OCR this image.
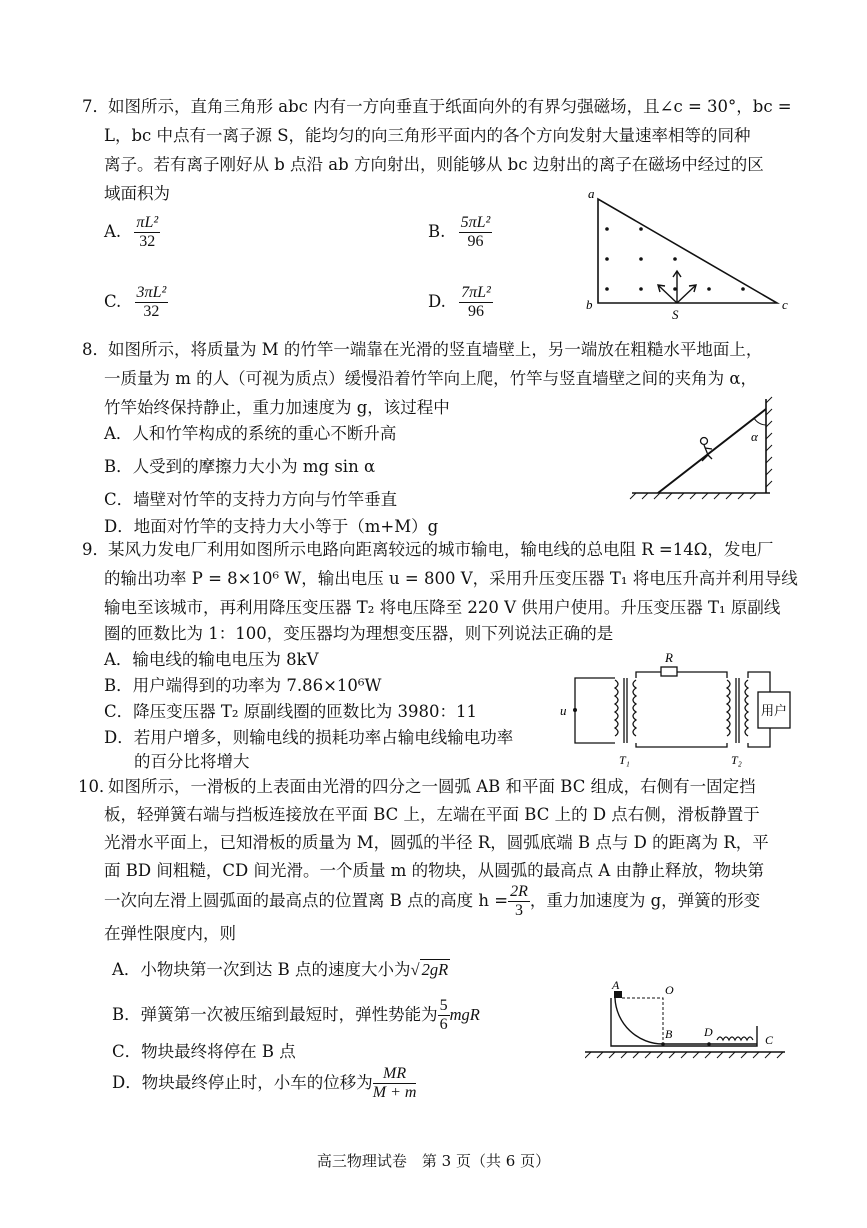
7． 如图所示，直角三角形 abc 内有一方向垂直于纸面向外的有界匀强磁场，且∠c = 30°，bc =
L，bc 中点有一离子源 S，能均匀的向三角形平面内的各个方向发射大量速率相等的同种
离子。若有离子刚好从 b 点沿 ab 方向射出，则能够从 bc 边射出的离子在磁场中经过的区
域面积为
A. $\frac{\text{πL²}}{32}$	B. $\frac{\text{5πL²}}{96}$
C. $\frac{\text{3πL²}}{32}$	D. $\frac{\text{7πL²}}{96}$
a
b	c
S
8． 如图所示，将质量为 M 的竹竿一端靠在光滑的竖直墙壁上，另一端放在粗糙水平地面上，
一质量为 m 的人（可视为质点）缓慢沿着竹竿向上爬，竹竿与竖直墙壁之间的夹角为 α，
竹竿始终保持静止，重力加速度为 g，该过程中
A．人和竹竿构成的系统的重心不断升高
B．人受到的摩擦力大小为 mg sin α
C．墙壁对竹竿的支持力方向与竹竿垂直
D．地面对竹竿的支持力大小等于（m+M）g
α
9． 某风力发电厂利用如图所示电路向距离较远的城市输电，输电线的总电阻 R =14Ω，发电厂
的输出功率 P = 8×10⁶ W，输出电压 u = 800 V，采用升压变压器 T₁ 将电压升高并利用导线
输电至该城市，再利用降压变压器 T₂ 将电压降至 220 V 供用户使用。升压变压器 T₁ 原副线
圈的匝数比为 1：100，变压器均为理想变压器，则下列说法正确的是
A．输电线的输电电压为 8kV
B．用户端得到的功率为 7.86×10⁶W
C．降压变压器 T₂ 原副线圈的匝数比为 3980：11
D．若用户增多，则输电线的损耗功率占输电线输电功率
的百分比将增大
R
u	用户
T₁	T₂
10．
如图所示，一滑板的上表面由光滑的四分之一圆弧 AB 和平面 BC 组成，右侧有一固定挡
板，轻弹簧右端与挡板连接放在平面 BC 上，左端在平面 BC 上的 D 点右侧，滑板静置于
光滑水平面上，已知滑板的质量为 M，圆弧的半径 R，圆弧底端 B 点与 D 的距离为 R，平
面 BD 间粗糙，CD 间光滑。一个质量 m 的物块，从圆弧的最高点 A 由静止释放，物块第
一次向左滑上圆弧面的最高点的位置离 B 点的高度 $h = \frac{2R}{3}$ ，重力加速度为 g，弹簧的形变
在弹性限度内，则
A．小物块第一次到达 B 点的速度大小为√ 2gR
B．弹簧第一次被压缩到最短时，弹性势能为 $\frac{5}{6}$ mgR
C．物块最终将停在 B 点
D．物块最终停止时，小车的位移为 $\frac{MR}{M + m}$
A	O
B	D
C
高三物理试卷　第 3 页（共 6 页）
